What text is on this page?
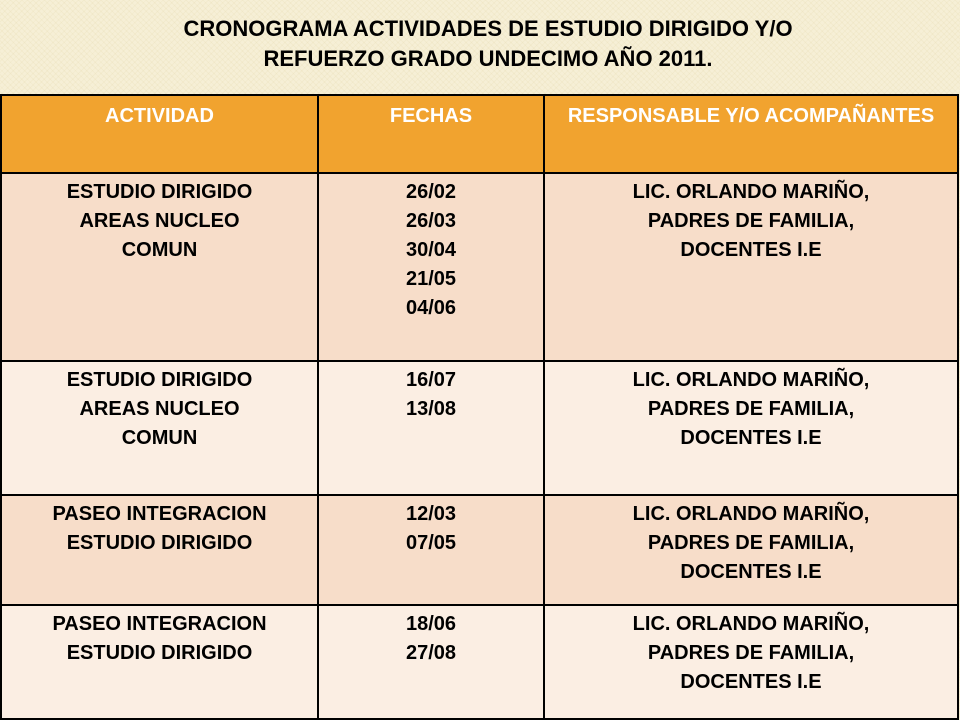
CRONOGRAMA ACTIVIDADES DE ESTUDIO DIRIGIDO Y/O
REFUERZO GRADO UNDECIMO AÑO 2011.
ACTIVIDAD	FECHAS	RESPONSABLE Y/O ACOMPAÑANTES

ESTUDIO DIRIGIDO
AREAS NUCLEO
COMUN	26/02
26/03
30/04
21/05
04/06	LIC. ORLANDO MARIÑO,
PADRES DE FAMILIA,
DOCENTES I.E

ESTUDIO DIRIGIDO
AREAS NUCLEO
COMUN	16/07
13/08	LIC. ORLANDO MARIÑO,
PADRES DE FAMILIA,
DOCENTES I.E

PASEO INTEGRACION
ESTUDIO DIRIGIDO	12/03
07/05	LIC. ORLANDO MARIÑO,
PADRES DE FAMILIA,
DOCENTES I.E

PASEO INTEGRACION
ESTUDIO DIRIGIDO	18/06
27/08	LIC. ORLANDO MARIÑO,
PADRES DE FAMILIA,
DOCENTES I.E
